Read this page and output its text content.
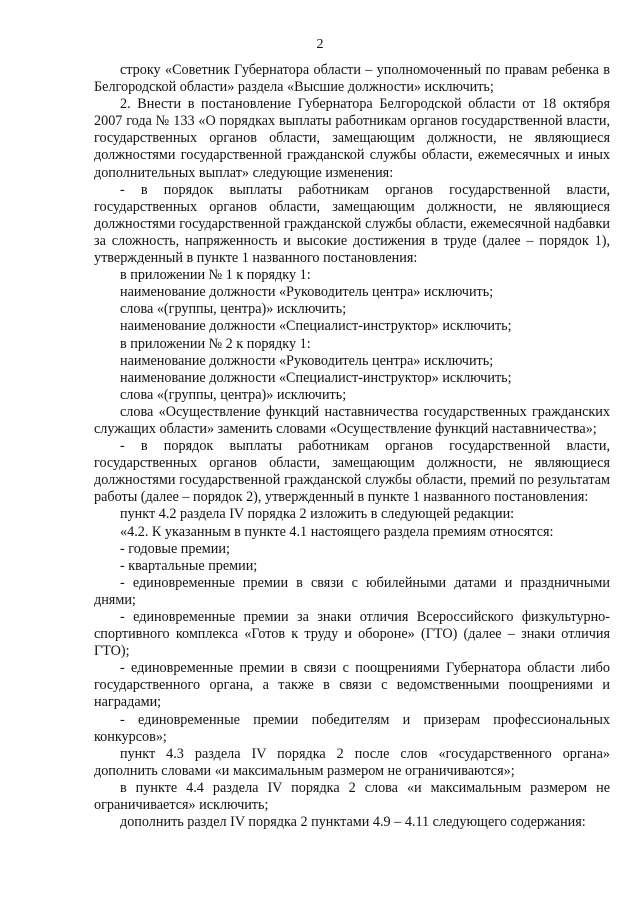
2

строку «Советник Губернатора области – уполномоченный по правам ребенка в Белгородской области» раздела «Высшие должности» исключить;

2. Внести в постановление Губернатора Белгородской области от 18 октября 2007 года № 133 «О порядках выплаты работникам органов государственной власти, государственных органов области, замещающим должности, не являющиеся должностями государственной гражданской службы области, ежемесячных и иных дополнительных выплат» следующие изменения:

- в порядок выплаты работникам органов государственной власти, государственных органов области, замещающим должности, не являющиеся должностями государственной гражданской службы области, ежемесячной надбавки за сложность, напряженность и высокие достижения в труде (далее – порядок 1), утвержденный в пункте 1 названного постановления:

в приложении № 1 к порядку 1:

наименование должности «Руководитель центра» исключить;

слова «(группы, центра)» исключить;

наименование должности «Специалист-инструктор» исключить;

в приложении № 2 к порядку 1:

наименование должности «Руководитель центра» исключить;

наименование должности «Специалист-инструктор» исключить;

слова «(группы, центра)» исключить;

слова «Осуществление функций наставничества государственных гражданских служащих области» заменить словами «Осуществление функций наставничества»;

- в порядок выплаты работникам органов государственной власти, государственных органов области, замещающим должности, не являющиеся должностями государственной гражданской службы области, премий по результатам работы (далее – порядок 2), утвержденный в пункте 1 названного постановления:

пункт 4.2 раздела IV порядка 2 изложить в следующей редакции:

«4.2. К указанным в пункте 4.1 настоящего раздела премиям относятся:

- годовые премии;

- квартальные премии;

- единовременные премии в связи с юбилейными датами и праздничными днями;

- единовременные премии за знаки отличия Всероссийского физкультурно-спортивного комплекса «Готов к труду и обороне» (ГТО) (далее – знаки отличия ГТО);

- единовременные премии в связи с поощрениями Губернатора области либо государственного органа, а также в связи с ведомственными поощрениями и наградами;

- единовременные премии победителям и призерам профессиональных конкурсов»;

пункт 4.3 раздела IV порядка 2 после слов «государственного органа» дополнить словами «и максимальным размером не ограничиваются»;

в пункте 4.4 раздела IV порядка 2 слова «и максимальным размером не ограничивается» исключить;

дополнить раздел IV порядка 2 пунктами 4.9 – 4.11 следующего содержания:
